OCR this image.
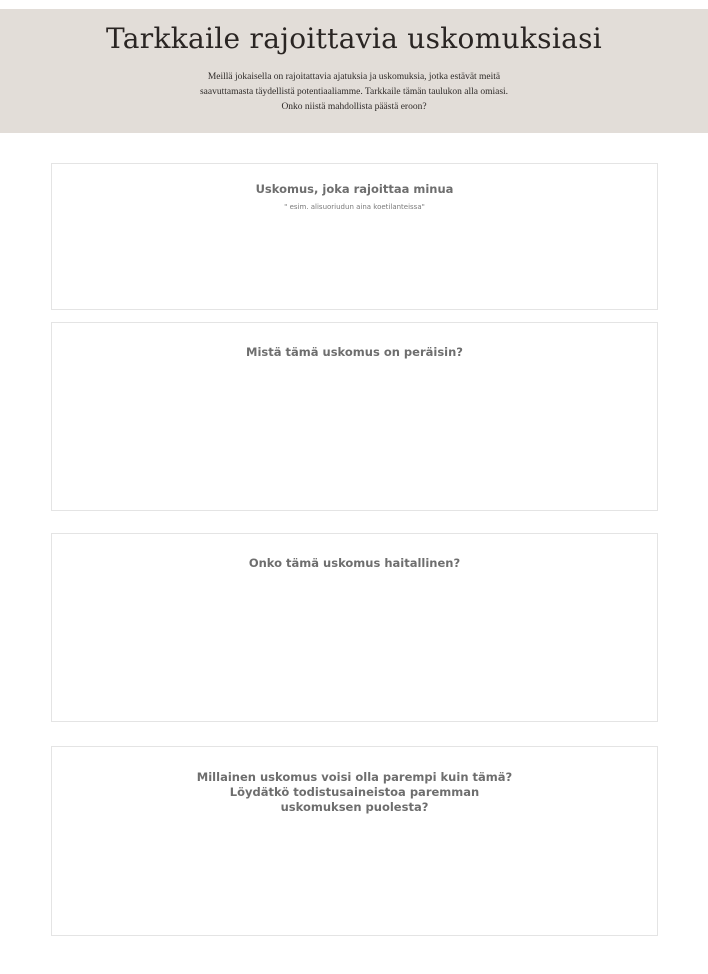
Tarkkaile rajoittavia uskomuksiasi
Meillä jokaisella on rajoitattavia ajatuksia ja uskomuksia, jotka estävät meitä
saavuttamasta täydellistä potentiaaliamme. Tarkkaile tämän taulukon alla omiasi.
Onko niistä mahdollista päästä eroon?
Uskomus, joka rajoittaa minua
" esim. alisuoriudun aina koetilanteissa"
Mistä tämä uskomus on peräisin?
Onko tämä uskomus haitallinen?
Millainen uskomus voisi olla parempi kuin tämä?
Löydätkö todistusaineistoa paremman
uskomuksen puolesta?
